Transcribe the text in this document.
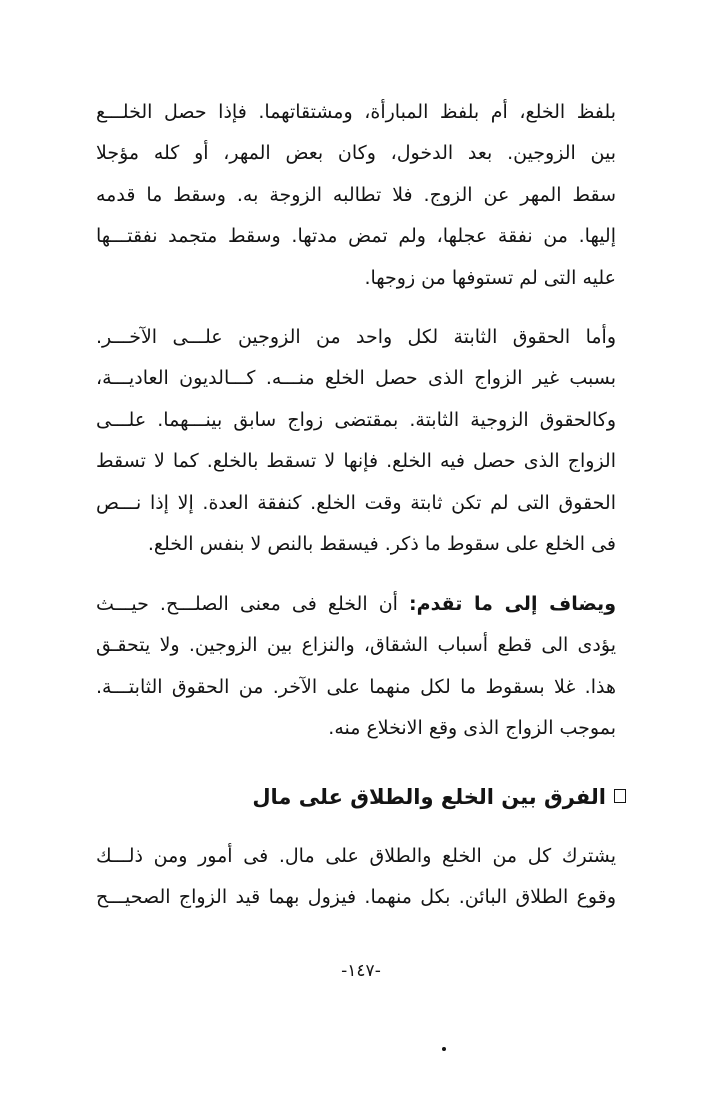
بلفظ الخلع، أم بلفظ المبارأة، ومشتقاتهما. فإذا حصل الخلـــع

بين الزوجين. بعد الدخول، وكان بعض المهر، أو كله مؤجلا

سقط المهر عن الزوج. فلا تطالبه الزوجة به. وسقط ما قدمه

إليها. من نفقة عجلها، ولم تمض مدتها. وسقط متجمد نفقتـــها

عليه التى لم تستوفها من زوجها.

وأما الحقوق الثابتة لكل واحد من الزوجين علـــى الآخـــر.

بسبب غير الزواج الذى حصل الخلع منـــه. كـــالديون العاديـــة،

وكالحقوق الزوجية الثابتة. بمقتضى زواج سابق بينـــهما. علـــى

الزواج الذى حصل فيه الخلع. فإنها لا تسقط بالخلع. كما لا تسقط

الحقوق التى لم تكن ثابتة وقت الخلع. كنفقة العدة. إلا إذا نـــص

فى الخلع على سقوط ما ذكر. فيسقط بالنص لا بنفس الخلع.

ويضاف إلى ما تقدم: أن الخلع فى معنى الصلـــح. حيـــث

يؤدى الى قطع أسباب الشقاق، والنزاع بين الزوجين. ولا يتحقـق

هذا. غلا بسقوط ما لكل منهما على الآخر. من الحقوق الثابتـــة.

بموجب الزواج الذى وقع الانخلاع منه.

الفرق بين الخلع والطلاق على مال

يشترك كل من الخلع والطلاق على مال. فى أمور ومن ذلـــك

وقوع الطلاق البائن. بكل منهما. فيزول بهما قيد الزواج الصحيـــح

-١٤٧-
